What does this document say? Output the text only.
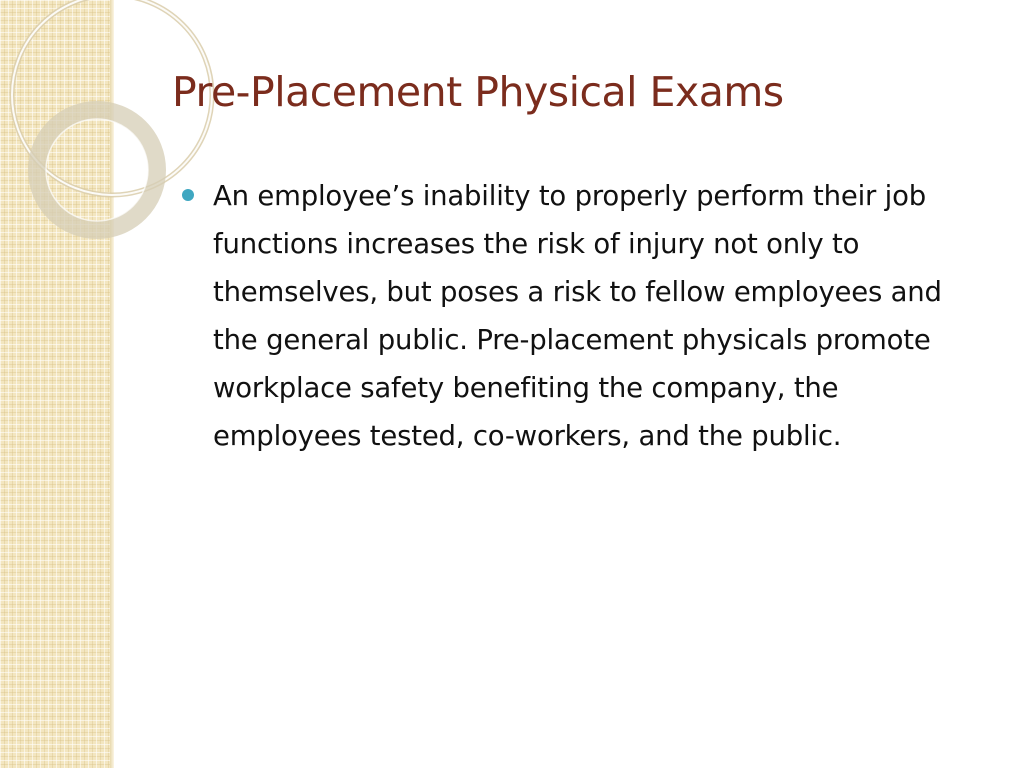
Pre-Placement Physical Exams
An employee’s inability to properly perform their job functions increases the risk of injury not only to themselves, but poses a risk to fellow employees and the general public. Pre-placement physicals promote workplace safety benefiting the company, the employees tested, co-workers, and the public.
